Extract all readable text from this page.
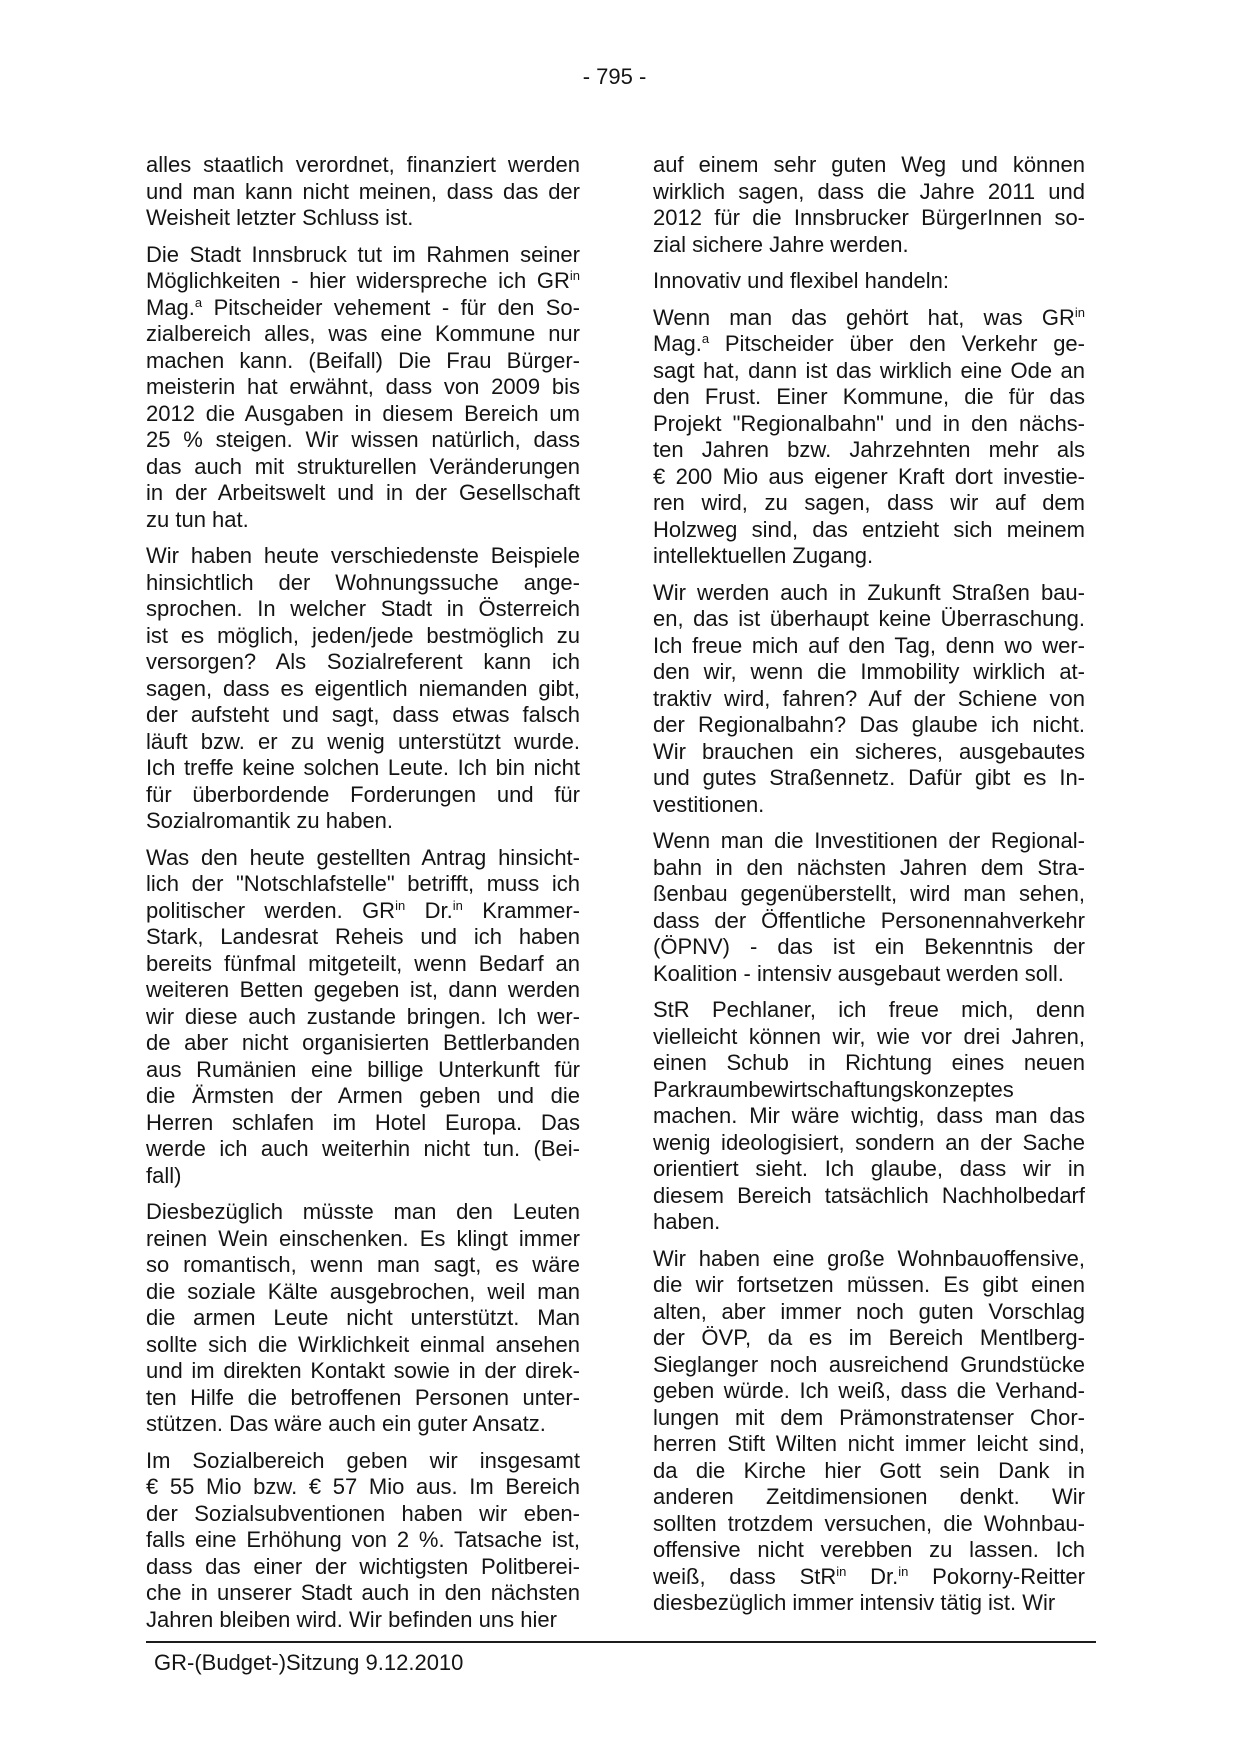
- 795 -

alles staatlich verordnet, finanziert werden
und man kann nicht meinen, dass das der
Weisheit letzter Schluss ist.

Die Stadt Innsbruck tut im Rahmen seiner
Möglichkeiten - hier widerspreche ich $GR^{in}$
Mag.$^a$ Pitscheider vehement - für den So-
zialbereich alles, was eine Kommune nur
machen kann. (Beifall) Die Frau Bürger-
meisterin hat erwähnt, dass von 2009 bis
2012 die Ausgaben in diesem Bereich um
25 % steigen. Wir wissen natürlich, dass
das auch mit strukturellen Veränderungen
in der Arbeitswelt und in der Gesellschaft
zu tun hat.

Wir haben heute verschiedenste Beispiele
hinsichtlich der Wohnungssuche ange-
sprochen. In welcher Stadt in Österreich
ist es möglich, jeden/jede bestmöglich zu
versorgen? Als Sozialreferent kann ich
sagen, dass es eigentlich niemanden gibt,
der aufsteht und sagt, dass etwas falsch
läuft bzw. er zu wenig unterstützt wurde.
Ich treffe keine solchen Leute. Ich bin nicht
für überbordende Forderungen und für
Sozialromantik zu haben.

Was den heute gestellten Antrag hinsicht-
lich der "Notschlafstelle" betrifft, muss ich
politischer werden. $GR^{in}$ Dr.$^{in}$ Krammer-
Stark, Landesrat Reheis und ich haben
bereits fünfmal mitgeteilt, wenn Bedarf an
weiteren Betten gegeben ist, dann werden
wir diese auch zustande bringen. Ich wer-
de aber nicht organisierten Bettlerbanden
aus Rumänien eine billige Unterkunft für
die Ärmsten der Armen geben und die
Herren schlafen im Hotel Europa. Das
werde ich auch weiterhin nicht tun. (Bei-
fall)

Diesbezüglich müsste man den Leuten
reinen Wein einschenken. Es klingt immer
so romantisch, wenn man sagt, es wäre
die soziale Kälte ausgebrochen, weil man
die armen Leute nicht unterstützt. Man
sollte sich die Wirklichkeit einmal ansehen
und im direkten Kontakt sowie in der direk-
ten Hilfe die betroffenen Personen unter-
stützen. Das wäre auch ein guter Ansatz.

Im Sozialbereich geben wir insgesamt
€ 55 Mio bzw. € 57 Mio aus. Im Bereich
der Sozialsubventionen haben wir eben-
falls eine Erhöhung von 2 %. Tatsache ist,
dass das einer der wichtigsten Politberei-
che in unserer Stadt auch in den nächsten
Jahren bleiben wird. Wir befinden uns hier

auf einem sehr guten Weg und können
wirklich sagen, dass die Jahre 2011 und
2012 für die Innsbrucker BürgerInnen so-
zial sichere Jahre werden.

Innovativ und flexibel handeln:

Wenn man das gehört hat, was $GR^{in}$
Mag.$^a$ Pitscheider über den Verkehr ge-
sagt hat, dann ist das wirklich eine Ode an
den Frust. Einer Kommune, die für das
Projekt "Regionalbahn" und in den nächs-
ten Jahren bzw. Jahrzehnten mehr als
€ 200 Mio aus eigener Kraft dort investie-
ren wird, zu sagen, dass wir auf dem
Holzweg sind, das entzieht sich meinem
intellektuellen Zugang.

Wir werden auch in Zukunft Straßen bau-
en, das ist überhaupt keine Überraschung.
Ich freue mich auf den Tag, denn wo wer-
den wir, wenn die Immobility wirklich at-
traktiv wird, fahren? Auf der Schiene von
der Regionalbahn? Das glaube ich nicht.
Wir brauchen ein sicheres, ausgebautes
und gutes Straßennetz. Dafür gibt es In-
vestitionen.

Wenn man die Investitionen der Regional-
bahn in den nächsten Jahren dem Stra-
ßenbau gegenüberstellt, wird man sehen,
dass der Öffentliche Personennahverkehr
(ÖPNV) - das ist ein Bekenntnis der
Koalition - intensiv ausgebaut werden soll.

StR Pechlaner, ich freue mich, denn
vielleicht können wir, wie vor drei Jahren,
einen Schub in Richtung eines neuen
Parkraumbewirtschaftungskonzeptes
machen. Mir wäre wichtig, dass man das
wenig ideologisiert, sondern an der Sache
orientiert sieht. Ich glaube, dass wir in
diesem Bereich tatsächlich Nachholbedarf
haben.

Wir haben eine große Wohnbauoffensive,
die wir fortsetzen müssen. Es gibt einen
alten, aber immer noch guten Vorschlag
der ÖVP, da es im Bereich Mentlberg-
Sieglanger noch ausreichend Grundstücke
geben würde. Ich weiß, dass die Verhand-
lungen mit dem Prämonstratenser Chor-
herren Stift Wilten nicht immer leicht sind,
da die Kirche hier Gott sein Dank in
anderen Zeitdimensionen denkt. Wir
sollten trotzdem versuchen, die Wohnbau-
offensive nicht verebben zu lassen. Ich
weiß, dass StR$^{in}$ Dr.$^{in}$ Pokorny-Reitter
diesbezüglich immer intensiv tätig ist. Wir

GR-(Budget-)Sitzung 9.12.2010
